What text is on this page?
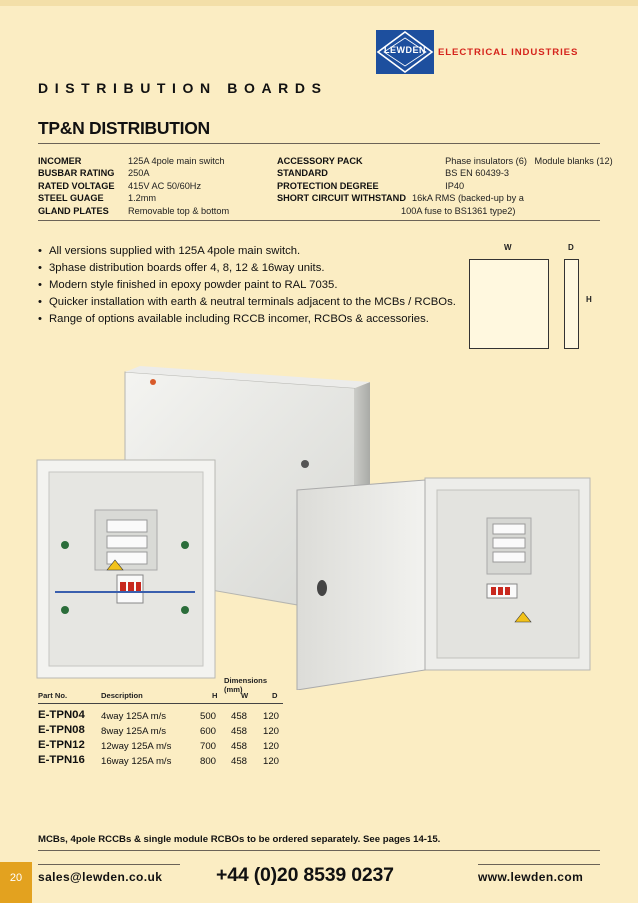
LEWDEN	ELECTRICAL INDUSTRIES
DISTRIBUTION BOARDS
TP&N DISTRIBUTION
INCOMER	125A 4pole main switch
BUSBAR RATING	250A
RATED VOLTAGE	415V AC 50/60Hz
STEEL GUAGE	1.2mm
GLAND PLATES	Removable top & bottom
ACCESSORY PACK	Phase insulators (6)   Module blanks (12)
STANDARD	BS EN 60439-3
PROTECTION DEGREE	IP40
SHORT CIRCUIT WITHSTAND 16kA RMS (backed-up by a
100A fuse to BS1361 type2)
• All versions supplied with 125A 4pole main switch.
• 3phase distribution boards offer 4, 8, 12 & 16way units.
• Modern style finished in epoxy powder paint to RAL 7035.
• Quicker installation with earth & neutral terminals adjacent to the MCBs / RCBOs.
• Range of options available including RCCB incomer, RCBOs & accessories.
W	D
H
Dimensions (mm)
Part No.	Description	H	W	D
E-TPN04 4way 125A m/s	500 458 120
E-TPN08 8way 125A m/s	600 458 120
E-TPN12 12way 125A m/s	700 458 120
E-TPN16 16way 125A m/s	800 458 120
MCBs, 4pole RCCBs & single module RCBOs to be ordered separately. See pages 14-15.
20	sales@lewden.co.uk	+44 (0)20 8539 0237	www.lewden.com
